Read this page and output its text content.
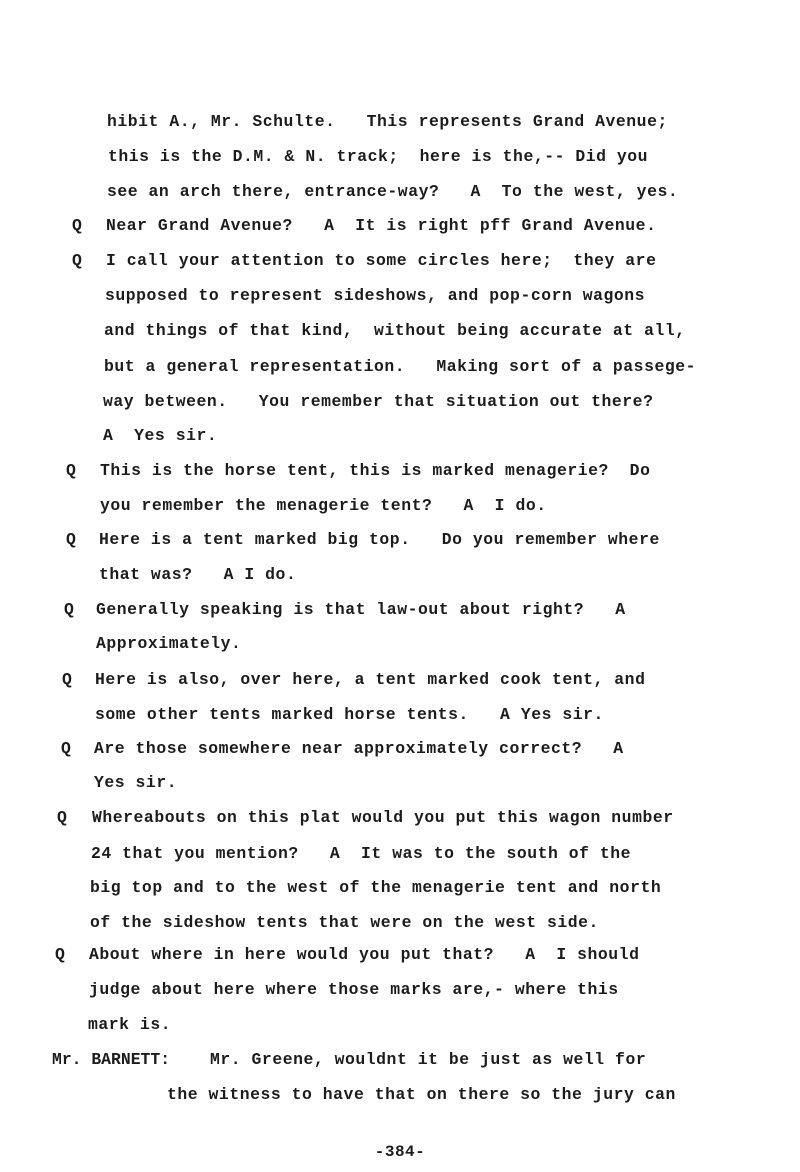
hibit A., Mr. Schulte.   This represents Grand Avenue;
this is the D.M. & N. track;  here is the,-- Did you
see an arch there, entrance-way?   A  To the west, yes.
Q Near Grand Avenue?   A  It is right pff Grand Avenue.
Q I call your attention to some circles here;  they are
supposed to represent sideshows, and pop-corn wagons
and things of that kind,  without being accurate at all,
but a general representation.   Making sort of a passege-
way between.   You remember that situation out there?
A  Yes sir.
Q This is the horse tent, this is marked menagerie?  Do
you remember the menagerie tent?   A  I do.
Q Here is a tent marked big top.   Do you remember where
that was?   A I do.
Q Generally speaking is that law-out about right?   A
Approximately.
Q Here is also, over here, a tent marked cook tent, and
some other tents marked horse tents.   A Yes sir.
Q Are those somewhere near approximately correct?   A
Yes sir.
Q Whereabouts on this plat would you put this wagon number
24 that you mention?   A  It was to the south of the
big top and to the west of the menagerie tent and north
of the sideshow tents that were on the west side.
Q About where in here would you put that?   A  I should
judge about here where those marks are,- where this
mark is.
Mr. BARNETT: Mr. Greene, wouldnt it be just as well for
the witness to have that on there so the jury can
-384-
